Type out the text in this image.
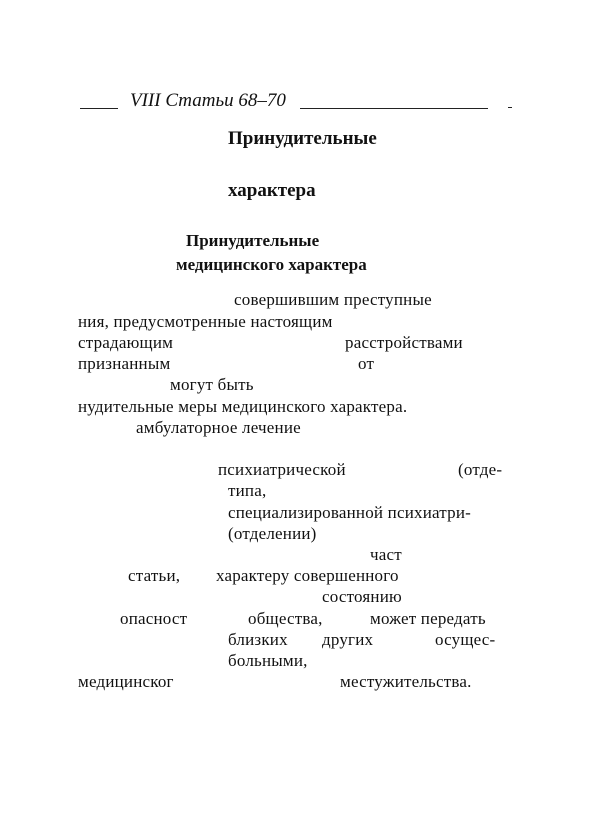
VIII Статьи 68–70
Принудительные
характера
Принудительные
медицинского характера
совершившим преступные
ния, предусмотренные настоящим
страдающим	расстройствами
признанным	от
могут быть
нудительные меры медицинского характера.
амбулаторное лечение
психиатрической	(отде-
типа,
специализированной психиатри-
(отделении)
част
статьи, характеру совершенного
состоянию
опасност	общества,	может передать
близких других	осущес-
больными,
медицинског	местужительства.
